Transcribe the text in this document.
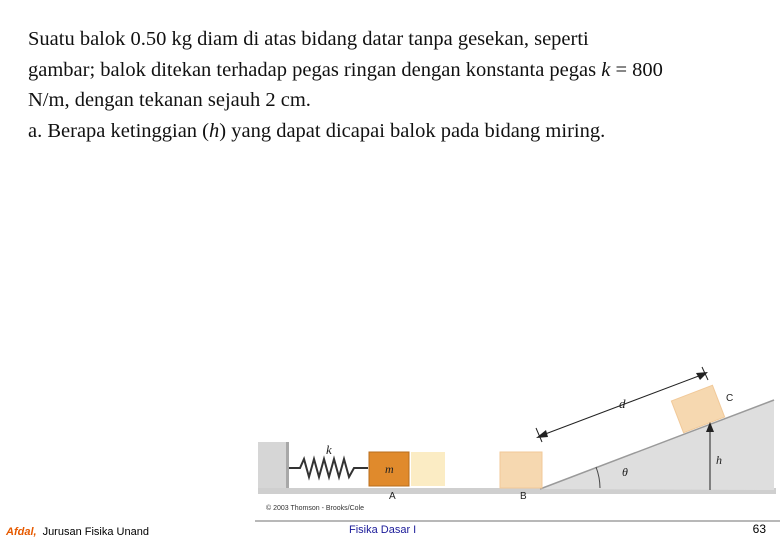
Suatu balok 0.50 kg diam di atas bidang datar tanpa gesekan, seperti

gambar; balok ditekan terhadap pegas ringan dengan konstanta pegas k = 800

N/m, dengan tekanan sejauh 2 cm.

a. Berapa ketinggian (h) yang dapat dicapai balok pada bidang miring.

k
m
A	B
C
d
θ
h
© 2003 Thomson - Brooks/Cole
Afdal, Jurusan Fisika Unand	Fisika Dasar I	63
